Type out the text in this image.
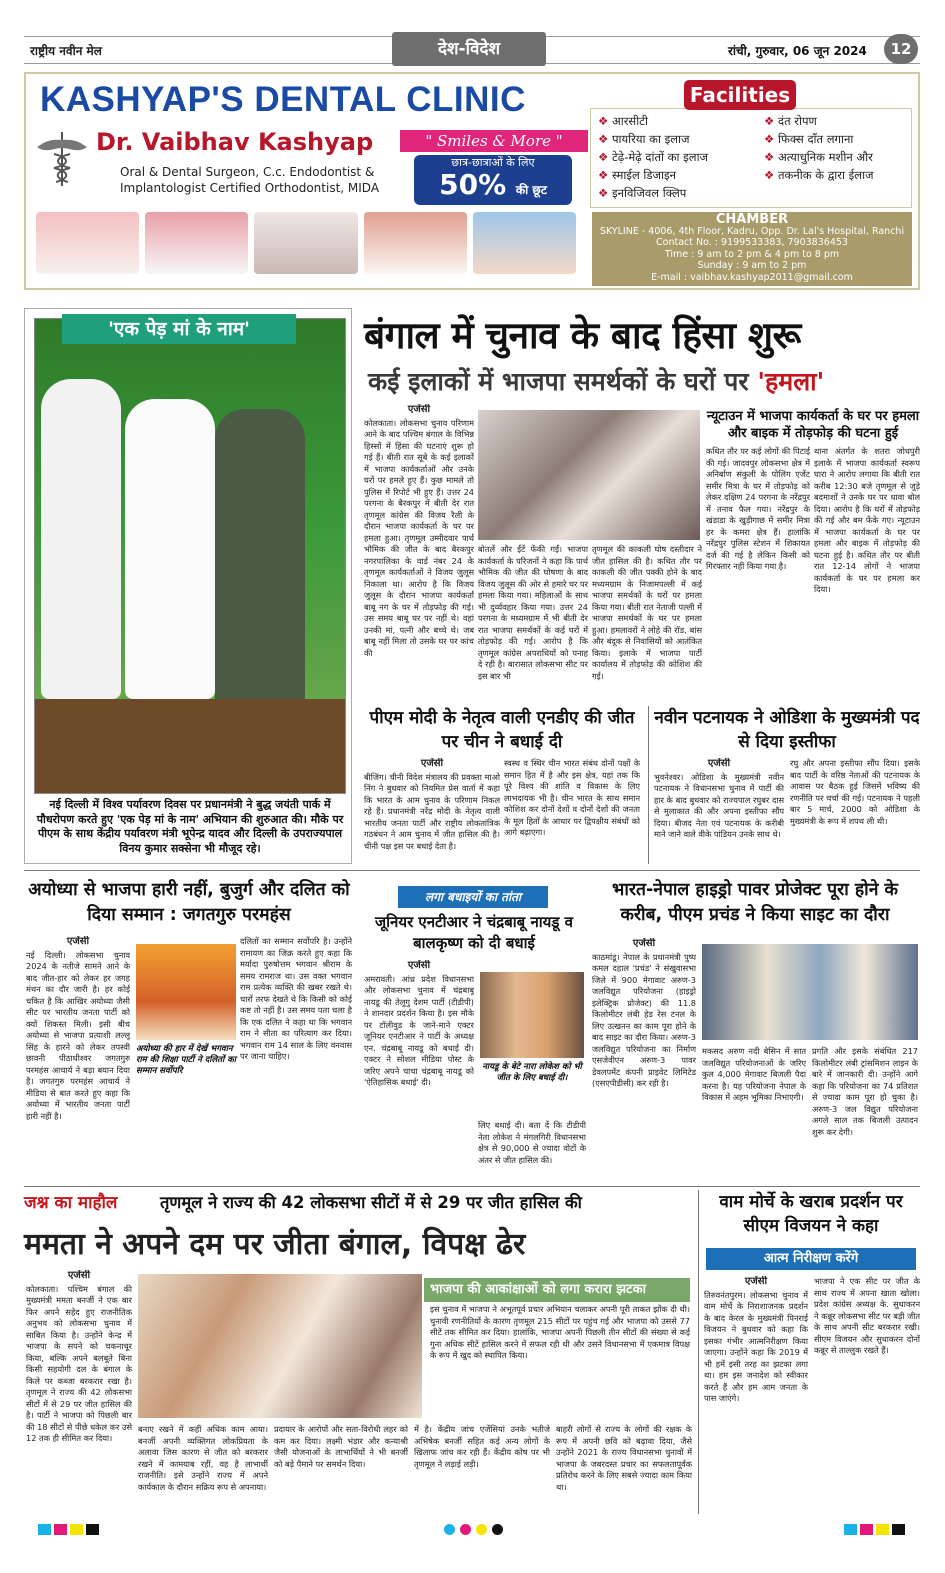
राष्ट्रीय नवीन मेल	देश-विदेश	रांची, गुरुवार, 06 जून 2024	12
KASHYAP'S DENTAL CLINIC
Dr. Vaibhav Kashyap
Oral & Dental Surgeon, C.c. Endodontist &
Implantologist Certified Orthodontist, MIDA
" Smiles & More "
छात्र-छात्राओं के लिए
50% की छूट
Facilities
❖ आरसीटी
❖ पायरिया का इलाज
❖ टेढ़े-मेढ़े दांतों का इलाज
❖ स्माईल डिजाइन
❖ इनविजिवल क्लिप
❖ दंत रोपण
❖ फिक्स दाँत लगाना
❖ अत्याधुनिक मशीन और
❖ तकनीक के द्वारा ईलाज
CHAMBER
SKYLINE - 4006, 4th Floor, Kadru, Opp. Dr. Lal's Hospital, Ranchi
Contact No. : 9199533383, 7903836453
Time : 9 am to 2 pm & 4 pm to 8 pm
Sunday : 9 am to 2 pm
E-mail : vaibhav.kashyap2011@gmail.com
'एक पेड़ मां के नाम'
नई दिल्ली में विश्व पर्यावरण दिवस पर प्रधानमंत्री ने बुद्ध जयंती पार्क में पौधरोपण करते हुए 'एक पेड़ मां के नाम' अभियान की शुरुआत की। मौके पर पीएम के साथ केंद्रीय पर्यावरण मंत्री भूपेन्द्र यादव और दिल्ली के उपराज्यपाल विनय कुमार सक्सेना भी मौजूद रहे।
बंगाल में चुनाव के बाद हिंसा शुरू
कई इलाकों में भाजपा समर्थकों के घरों पर 'हमला'
एजेंसी
कोलकाता। लोकसभा चुनाव परिणाम आने के बाद पश्चिम बंगाल के विभिन्न हिस्सों में हिंसा की घटनाएं शुरू हो गई हैं। बीती रात सूबे के कई इलाकों में भाजपा कार्यकर्ताओं और उनके घरों पर हमले हुए हैं। कुछ मामले तो पुलिस में रिपोर्ट भी हुए हैं। उत्तर 24 परगना के बैरकपुर में बीती देर रात तृणमूल कांग्रेस की विजय रैली के दौरान भाजपा कार्यकर्ता के घर पर हमला हुआ। तृणमूल उम्मीदवार पार्थ भौमिक की जीत के बाद बैरकपुर नगरपालिका के वार्ड नंबर 24 के तृणमूल कार्यकर्ताओं ने विजय जुलूस निकाला था। आरोप है कि विजय जुलूस के दौरान भाजपा कार्यकर्ता बाबू नग के घर में तोड़फोड़ की गई। उस समय बाबू घर पर नहीं थे। वहां उनकी मां, पत्नी और बच्चे थे। जब बाबू नहीं मिला तो उसके घर पर कांच की
बोतलें और ईंटें फेंकी गईं। भाजपा कार्यकर्ता के परिजनों ने कहा कि पार्थ भौमिक की जीत की घोषणा के बाद विजय जुलूस की ओर से हमारे घर पर हमला किया गया। महिलाओं के साथ भी दुर्व्यवहार किया गया। उत्तर 24 परगना के मध्यमग्राम में भी बीती देर रात भाजपा समर्थकों के कई घरों में तोड़फोड़ की गई। आरोप है कि तृणमूल कांग्रेस अपराधियों को पनाह दे रही है। बारासात लोकसभा सीट पर इस बार भी
तृणमूल की काकली घोष दस्तीदार ने जीत हासिल की है। कथित तौर पर काकली की जीत पक्की होने के बाद मध्यमग्राम के निजामपल्ली में कई भाजपा समर्थकों के घरों पर हमला किया गया। बीती रात नेताजी पल्ली में भाजपा समर्थकों के घर पर हमला हुआ। हमलावरों ने लोहे की रॉड, बांस और बंदूक से निवासियों को आतंकित किया। इलाके में भाजपा पार्टी कार्यालय में तोड़फोड़ की कोशिश की गई।
न्यूटाउन में भाजपा कार्यकर्ता के घर पर हमला और बाइक में तोड़फोड़ की घटना हुई
कथित तौर पर कई लोगों की पिटाई की गई। जादवपुर लोकसभा क्षेत्र में अनिर्बाण संकुली के पोलिंग एजेंट समीर मित्रा के घर में तोड़फोड़ को लेकर दक्षिण 24 परगना के नरेंद्रपुर में तनाव फैल गया। नरेंद्रपुर के खंडाडा के खुड़ीगाछ में समीर मित्रा हर के कमरा क्षेत्र हैं। हालांकि नरेंद्रपुर पुलिस स्टेशन में शिकायत दर्ज की गई है लेकिन किसी को गिरफ्तार नहीं किया गया है।
थाना अंतर्गत के शतरा जोधपुरी इलाके में भाजपा कार्यकर्ता स्वरूप घारा ने आरोप लगाया कि बीती रात करीब 12:30 बजे तृणमूल से जुड़े बदमाशों ने उनके घर पर धावा बोल दिया। आरोप है कि घरों में तोड़फोड़ की गई और बम फेंके गए। न्यूटाउन में भाजपा कार्यकर्ता के घर पर हमला और बाइक में तोड़फोड़ की घटना हुई है। कथित तौर पर बीती रात 12-14 लोगों ने भाजपा कार्यकर्ता के घर पर हमला कर दिया।
पीएम मोदी के नेतृत्व वाली एनडीए की जीत पर चीन ने बधाई दी
एजेंसी
बीजिंग। चीनी विदेश मंत्रालय की प्रवक्ता माओ निंग ने बुधवार को नियमित प्रेस वार्ता में कहा कि भारत के आम चुनाव के परिणाम निकल रहे हैं। प्रधानमंत्री नरेंद्र मोदी के नेतृत्व वाली भारतीय जनता पार्टी और राष्ट्रीय लोकतांत्रिक गठबंधन ने आम चुनाव में जीत हासिल की है। चीनी पक्ष इस पर बधाई देता है।
स्वस्थ व स्थिर चीन भारत संबंध दोनों पक्षों के समान हित में है और इस क्षेत्र, यहां तक कि पूरे विश्व की शांति व विकास के लिए लाभदायक भी है। चीन भारत के साथ समान कोशिश कर दोनों देशों व दोनों देशों की जनता के मूल हितों के आधार पर द्विपक्षीय संबंधों को आगे बढ़ाएगा।
नवीन पटनायक ने ओडिशा के मुख्यमंत्री पद से दिया इस्तीफा
एजेंसी
भुवनेश्वर। ओडिशा के मुख्यमंत्री नवीन पटनायक ने विधानसभा चुनाव में पार्टी की हार के बाद बुधवार को राज्यपाल रघुबर दास से मुलाकात की और अपना इस्तीफा सौंप दिया। बीजद नेता एवं पटनायक के करीबी माने जाने वाले वीके पांडियन उनके साथ थे।
रघु और अपना इस्तीफा सौंप दिया। इसके बाद पार्टी के वरिष्ठ नेताओं की पटनायक के आवास पर बैठक हुई जिसमें भविष्य की रणनीति पर चर्चा की गई। पटनायक ने पहली बार 5 मार्च, 2000 को ओडिशा के मुख्यमंत्री के रूप में शपथ ली थी।
अयोध्या से भाजपा हारी नहीं, बुजुर्ग और दलित को दिया सम्मान : जगतगुरु परमहंस
एजेंसी
नई दिल्ली। लोकसभा चुनाव 2024 के नतीजे सामने आने के बाद जीत-हार को लेकर हर जगह मंथन का दौर जारी है। हर कोई चकित है कि आखिर अयोध्या जैसी सीट पर भारतीय जनता पार्टी को क्यों शिकस्त मिली। इसी बीच अयोध्या से भाजपा प्रत्याशी लल्लू सिंह के हारने को लेकर तपस्वी छावनी पीठाधीश्वर जगतगुरु परमहंस आचार्य ने बड़ा बयान दिया है। जगतगुरु परमहंस आचार्य ने मीडिया से बात करते हुए कहा कि अयोध्या में भारतीय जनता पार्टी हारी नहीं है।
अयोध्या की हार में देखें भगवान राम की शिक्षा पार्टी ने दलितों का सम्मान सर्वोपरि
दलितों का सम्मान सर्वोपरि है। उन्होंने रामायण का जिक्र करते हुए कहा कि मर्यादा पुरुषोत्तम भगवान श्रीराम के समय रामराज था। उस वक्त भगवान राम प्रत्येक व्यक्ति की खबर रखते थे। चारों तरफ देखते थे कि किसी को कोई कष्ट तो नहीं है। उस समय पता चला है कि एक दलित ने कहा था कि भगवान राम ने सीता का परित्याग कर दिया। भगवान राम 14 साल के लिए वनवास पर जाना चाहिए।
लगा बधाइयों का तांता
जूनियर एनटीआर ने चंद्रबाबू नायडू व बालकृष्ण को दी बधाई
एजेंसी
अमरावती। आंध्र प्रदेश विधानसभा और लोकसभा चुनाव में चंद्रबाबू नायडू की तेलुगु देशम पार्टी (टीडीपी) ने शानदार प्रदर्शन किया है। इस मौके पर टॉलीवुड के जाने-माने एक्टर जूनियर एनटीआर ने पार्टी के अध्यक्ष एन. चंद्रबाबू नायडू को बधाई दी। एक्टर ने सोशल मीडिया पोस्ट के जरिए अपने चाचा चंद्रबाबू नायडू को 'ऐतिहासिक बधाई' दी।
नायडू के बेटे नारा लोकेश को भी जीत के लिए बधाई दी।
लिए बधाई दी। बता दें कि टीडीपी नेता लोकेश ने मंगलगिरी विधानसभा क्षेत्र से 90,000 से ज्यादा वोटों के अंतर से जीत हासिल की।
भारत-नेपाल हाइड्रो पावर प्रोजेक्ट पूरा होने के करीब, पीएम प्रचंड ने किया साइट का दौरा
एजेंसी
काठमांडू। नेपाल के प्रधानमंत्री पुष्प कमल दहाल 'प्रचंड' ने संखुवासभा जिले में 900 मेगावाट अरुण-3 जलविद्युत परियोजना (हाइड्रो इलेक्ट्रिक प्रोजेक्ट) की 11.8 किलोमीटर लंबी हेड रेस टनल के लिए उत्खनन का काम पूरा होने के बाद साइट का दौरा किया। अरुण-3 जलविद्युत परियोजना का निर्माण एसजेवीएन अरुण-3 पावर डेवलपमेंट कंपनी प्राइवेट लिमिटेड (एसएपीडीसी) कर रही है।
मकसद अरुण नदी बेसिन में सात जलविद्युत परियोजनाओं के जरिए कुल 4,000 मेगावाट बिजली पैदा करना है। यह परियोजना नेपाल के विकास में अहम भूमिका निभाएगी।
प्रगति और इसके संबंधित 217 किलोमीटर लंबी ट्रांसमिशन लाइन के बारे में जानकारी दी। उन्होंने आगे कहा कि परियोजना का 74 प्रतिशत से ज्यादा काम पूरा हो चुका है। अरुण-3 जल विद्युत परियोजना अगले साल तक बिजली उत्पादन शुरू कर देगी।
जश्न का माहौल	तृणमूल ने राज्य की 42 लोकसभा सीटों में से 29 पर जीत हासिल की
ममता ने अपने दम पर जीता बंगाल, विपक्ष ढेर
एजेंसी
कोलकाता। पश्चिम बंगाल की मुख्यमंत्री ममता बनर्जी ने एक बार फिर अपने सहेद हुए राजनीतिक अनुभव को लोकसभा चुनाव में साबित किया है। उन्होंने केन्द्र में भाजपा के सपने को चकनाचूर किया, बल्कि अपने बलबूते बिना किसी सहयोगी दल के बंगाल के किले पर कब्जा बरकरार रखा है। तृणमूल ने राज्य की 42 लोकसभा सीटों में से 29 पर जीत हासिल की है। पार्टी ने भाजपा को पिछली बार की 18 सीटों से पीछे धकेल कर उसे 12 तक ही सीमित कर दिया।
भाजपा की आकांक्षाओं को लगा करारा झटका
इस चुनाव में भाजपा ने अभूतपूर्व प्रचार अभियान चलाकर अपनी पूरी ताकत झोंक दी थी। चुनावी रणनीतियों के कारण तृणमूल 215 सीटों पर पहुंच गई और भाजपा को उससे 77 सीटें तक सीमित कर दिया। हालांकि, भाजपा अपनी पिछली तीन सीटों की संख्या से कई गुना अधिक सीटें हासिल करने में सफल रही थी और उसने विधानसभा में एकमात्र विपक्ष के रूप में खुद को स्थापित किया।
बनाए रखने में कहीं अधिक काम आया। बनर्जी अपनी व्यक्तिगत लोकप्रियता के अलावा जिस कारण से जीत को बरकरार रखने में कामयाब रहीं, वह है लाभार्थी राजनीति। इसे उन्होंने राज्य में अपने कार्यकाल के दौरान सक्रिय रूप से अपनाया।
प्रदायार के आरोपों और सता-विरोधी लहर को कम कर दिया। लक्ष्मी भंडार और कन्याश्री जैसी योजनाओं के लाभार्थियों ने भी बनर्जी को बड़े पैमाने पर समर्थन दिया।
में है। केंद्रीय जांच एजेंसियां उनके भतीजे अभिषेक बनर्जी सहित कई अन्य लोगों के खिलाफ जांच कर रही हैं। केंद्रीय कोष पर भी तृणमूल ने लड़ाई लड़ी।
बाहरी लोगों से राज्य के लोगों की रक्षक के रूप में अपनी छवि को बढ़ावा दिया, जैसे उन्होंने 2021 के राज्य विधानसभा चुनावों में भाजपा के जबरदस्त प्रचार का सफलतापूर्वक प्रतिरोध करने के लिए सबसे ज्यादा काम किया था।
वाम मोर्चे के खराब प्रदर्शन पर सीएम विजयन ने कहा
आत्म निरीक्षण करेंगे
एजेंसी
तिरुवनंतपुरम। लोकसभा चुनाव में वाम मोर्चे के निराशाजनक प्रदर्शन के बाद केरल के मुख्यमंत्री पिनराई विजयन ने बुधवार को कहा कि इसका गंभीर आत्मनिरीक्षण किया जाएगा। उन्होंने कहा कि 2019 में भी हमें इसी तरह का झटका लगा था। हम इस जनादेश को स्वीकार करते हैं और हम आम जनता के पास जाएंगे।
भाजपा ने एक सीट पर जीत के साथ राज्य में अपना खाता खोला। प्रदेश कांग्रेस अध्यक्ष के. सुधाकरन ने कन्नूर लोकसभा सीट पर बड़ी जीत के साथ अपनी सीट बरकरार रखी। सीएम विजयन और सुधाकरन दोनों कन्नूर से ताल्लुक रखते हैं।
